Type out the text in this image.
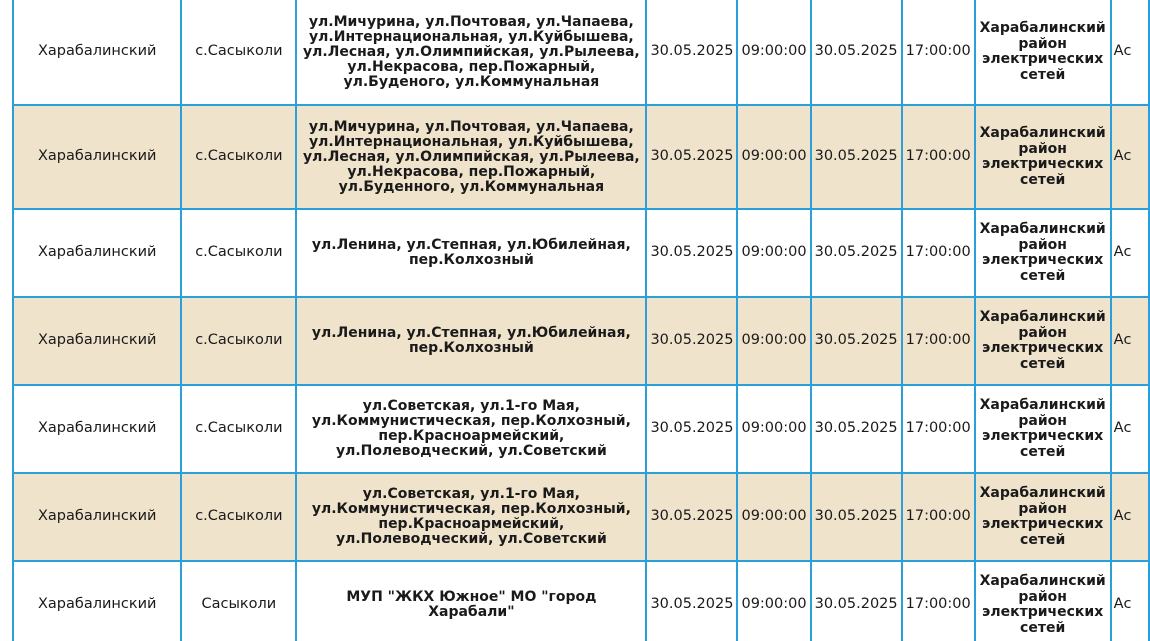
Харабалинский	с.Сасыколи	ул.Мичурина, ул.Почтовая, ул.Чапаева, ул.Интернациональная, ул.Куйбышева, ул.Лесная, ул.Олимпийская, ул.Рылеева, ул.Некрасова, пер.Пожарный, ул.Буденого, ул.Коммунальная	30.05.2025	09:00:00	30.05.2025	17:00:00	Харабалинский район электрических сетей	Ас
Харабалинский	с.Сасыколи	ул.Мичурина, ул.Почтовая, ул.Чапаева, ул.Интернациональная, ул.Куйбышева, ул.Лесная, ул.Олимпийская, ул.Рылеева, ул.Некрасова, пер.Пожарный, ул.Буденного, ул.Коммунальная	30.05.2025	09:00:00	30.05.2025	17:00:00	Харабалинский район электрических сетей	Ас
Харабалинский	с.Сасыколи	ул.Ленина, ул.Степная, ул.Юбилейная, пер.Колхозный	30.05.2025	09:00:00	30.05.2025	17:00:00	Харабалинский район электрических сетей	Ас
Харабалинский	с.Сасыколи	ул.Ленина, ул.Степная, ул.Юбилейная, пер.Колхозный	30.05.2025	09:00:00	30.05.2025	17:00:00	Харабалинский район электрических сетей	Ас
Харабалинский	с.Сасыколи	ул.Советская, ул.1-го Мая, ул.Коммунистическая, пер.Колхозный, пер.Красноармейский, ул.Полеводческий, ул.Советский	30.05.2025	09:00:00	30.05.2025	17:00:00	Харабалинский район электрических сетей	Ас
Харабалинский	с.Сасыколи	ул.Советская, ул.1-го Мая, ул.Коммунистическая, пер.Колхозный, пер.Красноармейский, ул.Полеводческий, ул.Советский	30.05.2025	09:00:00	30.05.2025	17:00:00	Харабалинский район электрических сетей	Ас
Харабалинский	Сасыколи	МУП "ЖКХ Южное" МО "город Харабали"	30.05.2025	09:00:00	30.05.2025	17:00:00	Харабалинский район электрических сетей	Ас
